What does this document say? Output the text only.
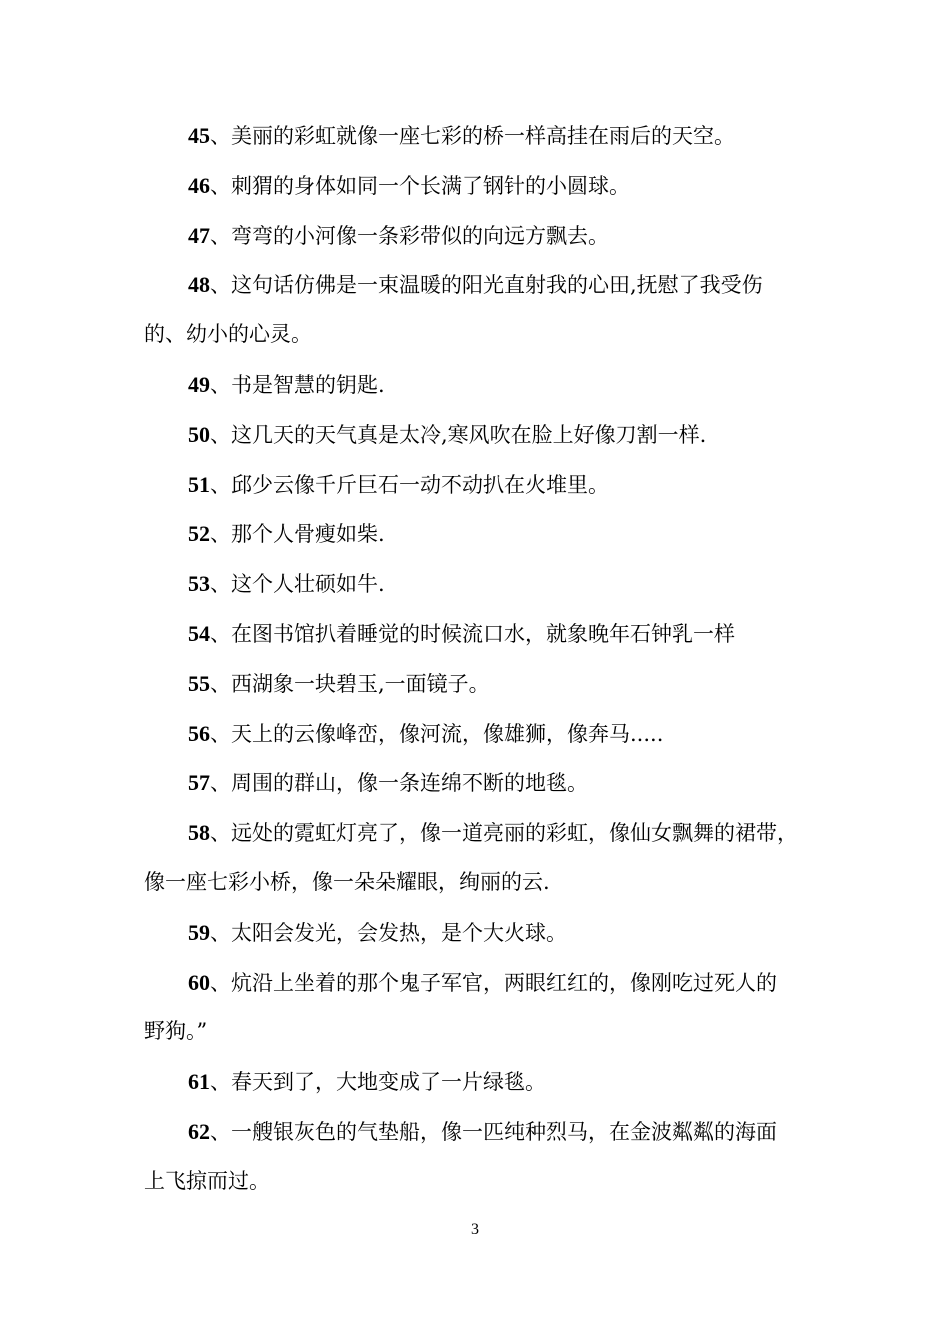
45、美丽的彩虹就像一座七彩的桥一样高挂在雨后的天空。
46、刺猬的身体如同一个长满了钢针的小圆球。
47、弯弯的小河像一条彩带似的向远方飘去。
48、这句话仿佛是一束温暖的阳光直射我的心田,抚慰了我受伤
的、幼小的心灵。
49、书是智慧的钥匙.
50、这几天的天气真是太冷,寒风吹在脸上好像刀割一样.
51、邱少云像千斤巨石一动不动扒在火堆里。
52、那个人骨瘦如柴.
53、这个人壮硕如牛.
54、在图书馆扒着睡觉的时候流口水，就象晚年石钟乳一样
55、西湖象一块碧玉,一面镜子。
56、天上的云像峰峦，像河流，像雄狮，像奔马.....
57、周围的群山，像一条连绵不断的地毯。
58、远处的霓虹灯亮了，像一道亮丽的彩虹，像仙女飘舞的裙带，
像一座七彩小桥，像一朵朵耀眼，绚丽的云.
59、太阳会发光，会发热，是个大火球。
60、炕沿上坐着的那个鬼子军官，两眼红红的，像刚吃过死人的
野狗。”
61、春天到了，大地变成了一片绿毯。
62、一艘银灰色的气垫船，像一匹纯种烈马，在金波粼粼的海面
上飞掠而过。
3
